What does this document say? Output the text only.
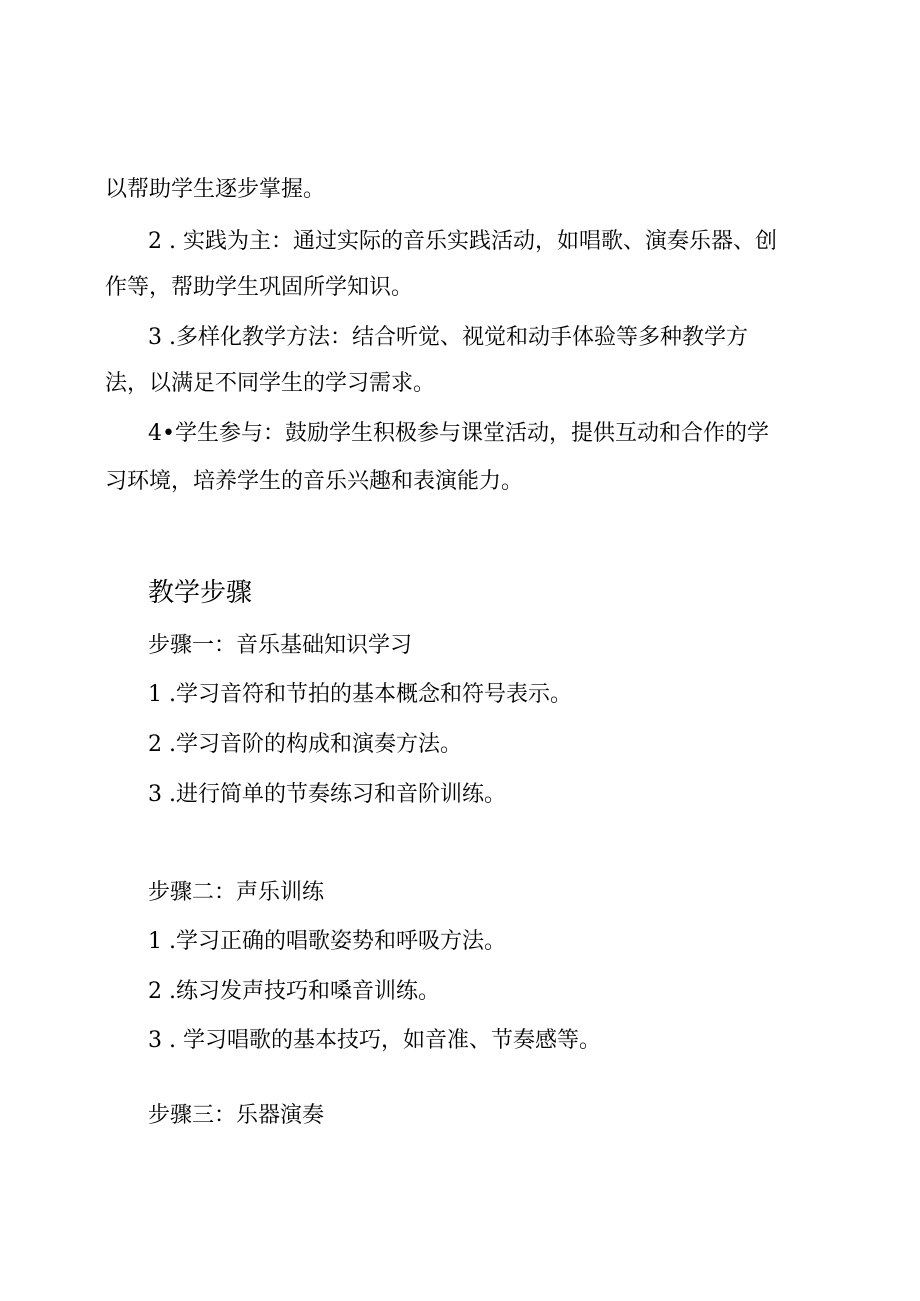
以帮助学生逐步掌握。
2 . 实践为主：通过实际的音乐实践活动，如唱歌、演奏乐器、创
作等，帮助学生巩固所学知识。
3 .多样化教学方法：结合听觉、视觉和动手体验等多种教学方
法，以满足不同学生的学习需求。
4•学生参与：鼓励学生积极参与课堂活动，提供互动和合作的学
习环境，培养学生的音乐兴趣和表演能力。
教学步骤
步骤一：音乐基础知识学习
1 .学习音符和节拍的基本概念和符号表示。
2 .学习音阶的构成和演奏方法。
3 .进行简单的节奏练习和音阶训练。
步骤二：声乐训练
1 .学习正确的唱歌姿势和呼吸方法。
2 .练习发声技巧和嗓音训练。
3 . 学习唱歌的基本技巧，如音准、节奏感等。
步骤三：乐器演奏
